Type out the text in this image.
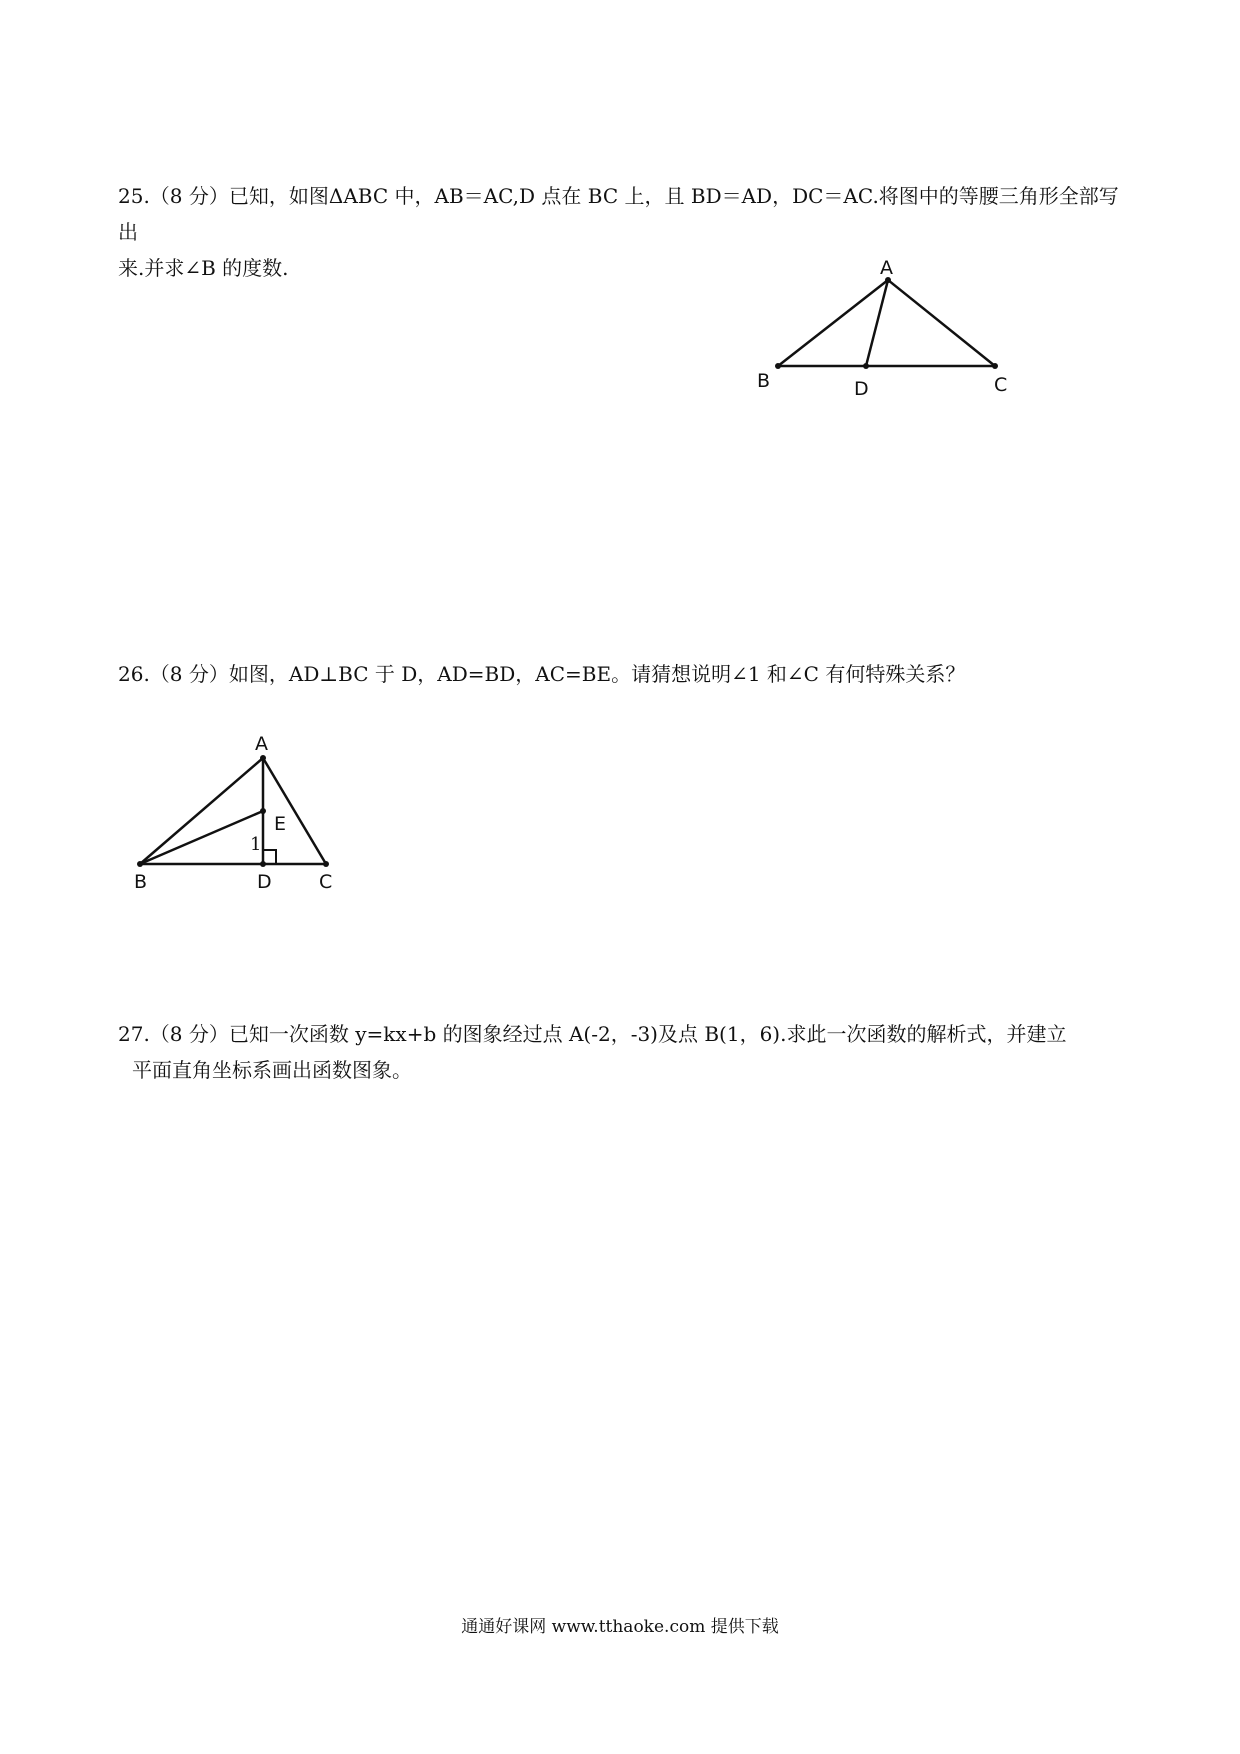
25.（8 分）已知，如图ΔABC 中，AB＝AC,D 点在 BC 上，且 BD＝AD，DC＝AC.将图中的等腰三角形全部写出

来.并求∠B 的度数.	A
B	D	C

26.（8 分）如图，AD⊥BC 于 D，AD=BD，AC=BE。请猜想说明∠1 和∠C 有何特殊关系？

A
E
1
B	D C

27.（8 分）已知一次函数 y=kx+b 的图象经过点 A(-2，-3)及点 B(1，6).求此一次函数的解析式，并建立

平面直角坐标系画出函数图象。

通通好课网 www.tthaoke.com 提供下载
